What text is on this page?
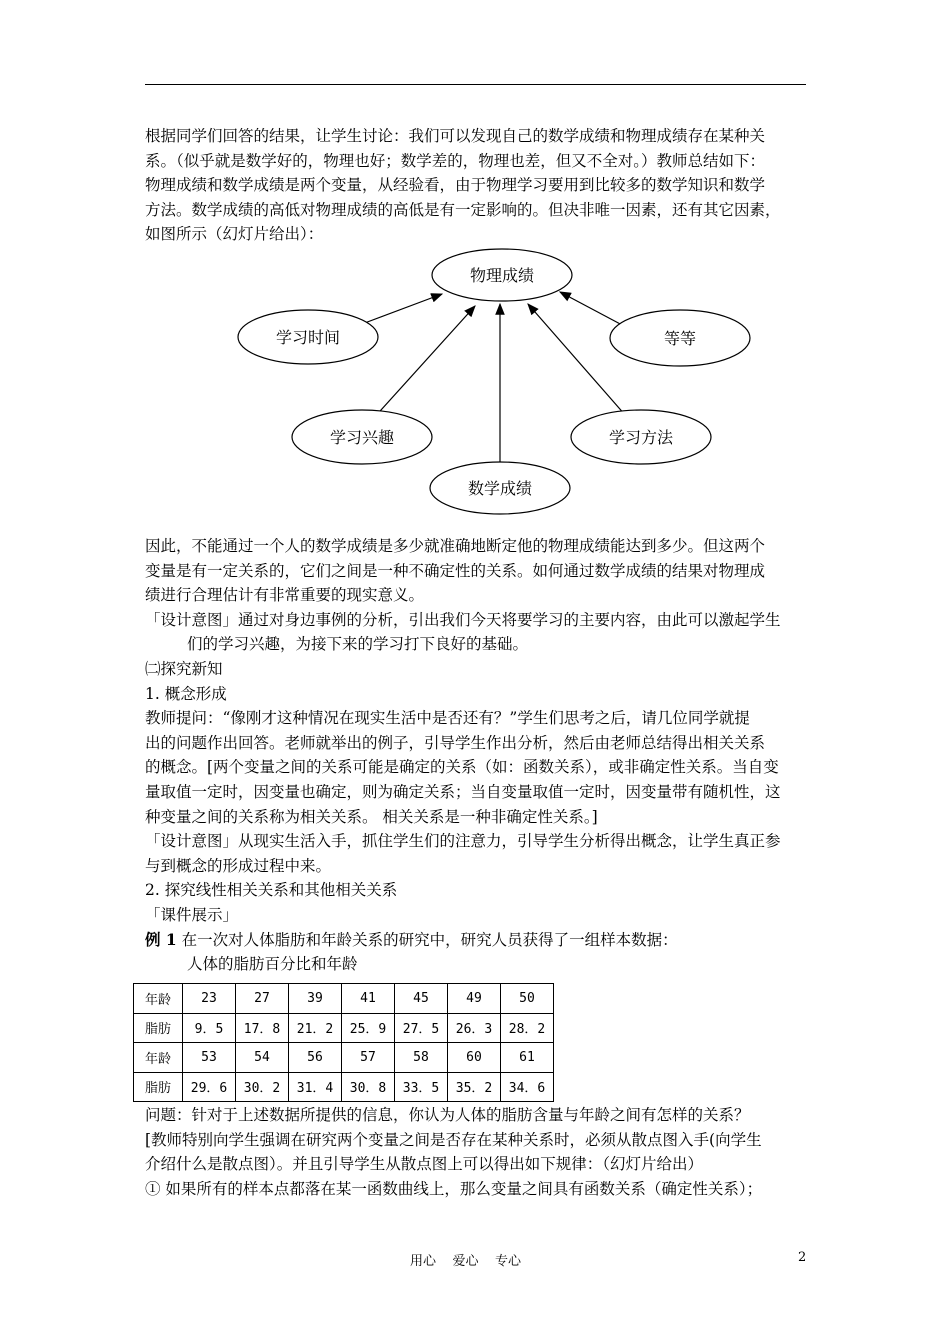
根据同学们回答的结果，让学生讨论：我们可以发现自己的数学成绩和物理成绩存在某种关
系。（似乎就是数学好的，物理也好；数学差的，物理也差，但又不全对。）教师总结如下：
物理成绩和数学成绩是两个变量，从经验看，由于物理学习要用到比较多的数学知识和数学
方法。数学成绩的高低对物理成绩的高低是有一定影响的。但决非唯一因素，还有其它因素，
如图所示（幻灯片给出）：
物理成绩
学习时间	等等
学习兴趣	学习方法
数学成绩
因此，不能通过一个人的数学成绩是多少就准确地断定他的物理成绩能达到多少。但这两个
变量是有一定关系的，它们之间是一种不确定性的关系。如何通过数学成绩的结果对物理成
绩进行合理估计有非常重要的现实意义。
「设计意图」通过对身边事例的分析，引出我们今天将要学习的主要内容，由此可以激起学生
们的学习兴趣，为接下来的学习打下良好的基础。
㈡探究新知
1. 概念形成
教师提问：“像刚才这种情况在现实生活中是否还有？”学生们思考之后，请几位同学就提
出的问题作出回答。老师就举出的例子，引导学生作出分析，然后由老师总结得出相关关系
的概念。[两个变量之间的关系可能是确定的关系（如：函数关系），或非确定性关系。当自变
量取值一定时，因变量也确定，则为确定关系；当自变量取值一定时，因变量带有随机性，这
种变量之间的关系称为相关关系。 相关关系是一种非确定性关系。]
「设计意图」从现实生活入手，抓住学生们的注意力，引导学生分析得出概念，让学生真正参
与到概念的形成过程中来。
2. 探究线性相关关系和其他相关关系
「课件展示」
例 1 在一次对人体脂肪和年龄关系的研究中，研究人员获得了一组样本数据：
人体的脂肪百分比和年龄
年龄	23	27	39	41	45	49	50
脂肪	9．5	17．8	21．2	25．9	27．5	26．3	28．2
年龄	53	54	56	57	58	60	61
脂肪	29．6	30．2	31．4	30．8	33．5	35．2	34．6
问题：针对于上述数据所提供的信息，你认为人体的脂肪含量与年龄之间有怎样的关系？
[教师特别向学生强调在研究两个变量之间是否存在某种关系时，必须从散点图入手(向学生
介绍什么是散点图）。并且引导学生从散点图上可以得出如下规律：（幻灯片给出）
① 如果所有的样本点都落在某一函数曲线上，那么变量之间具有函数关系（确定性关系）；
用心    爱心    专心	2
